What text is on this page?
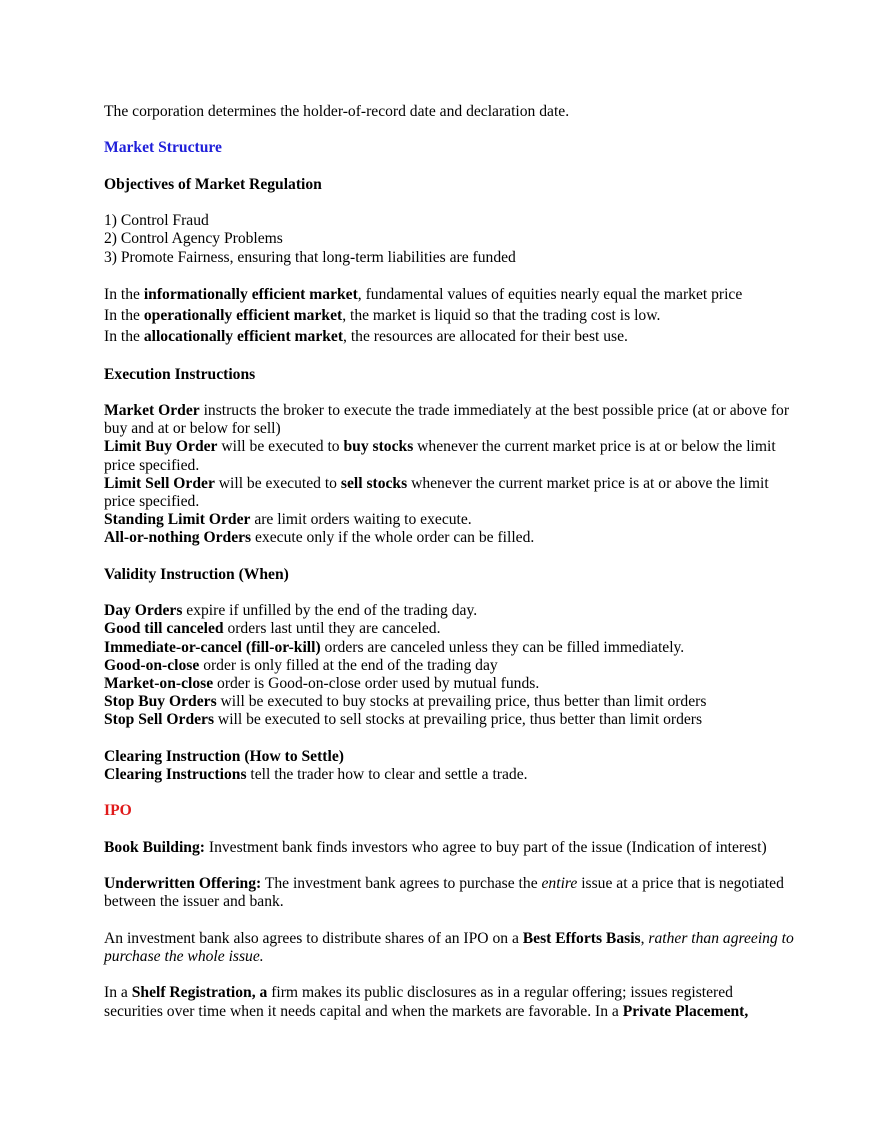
The corporation determines the holder-of-record date and declaration date.
Market Structure
Objectives of Market Regulation
1) Control Fraud
2) Control Agency Problems
3) Promote Fairness, ensuring that long-term liabilities are funded
In the informationally efficient market, fundamental values of equities nearly equal the market price
In the operationally efficient market, the market is liquid so that the trading cost is low.
In the allocationally efficient market, the resources are allocated for their best use.
Execution Instructions
Market Order instructs the broker to execute the trade immediately at the best possible price (at or above for buy and at or below for sell)
Limit Buy Order will be executed to buy stocks whenever the current market price is at or below the limit price specified.
Limit Sell Order will be executed to sell stocks whenever the current market price is at or above the limit price specified.
Standing Limit Order are limit orders waiting to execute.
All-or-nothing Orders execute only if the whole order can be filled.
Validity Instruction (When)
Day Orders expire if unfilled by the end of the trading day.
Good till canceled orders last until they are canceled.
Immediate-or-cancel (fill-or-kill) orders are canceled unless they can be filled immediately.
Good-on-close order is only filled at the end of the trading day
Market-on-close order is Good-on-close order used by mutual funds.
Stop Buy Orders will be executed to buy stocks at prevailing price, thus better than limit orders
Stop Sell Orders will be executed to sell stocks at prevailing price, thus better than limit orders
Clearing Instruction (How to Settle)
Clearing Instructions tell the trader how to clear and settle a trade.
IPO
Book Building: Investment bank finds investors who agree to buy part of the issue (Indication of interest)
Underwritten Offering: The investment bank agrees to purchase the entire issue at a price that is negotiated between the issuer and bank.
An investment bank also agrees to distribute shares of an IPO on a Best Efforts Basis, rather than agreeing to purchase the whole issue.
In a Shelf Registration, a firm makes its public disclosures as in a regular offering; issues registered securities over time when it needs capital and when the markets are favorable. In a Private Placement,
